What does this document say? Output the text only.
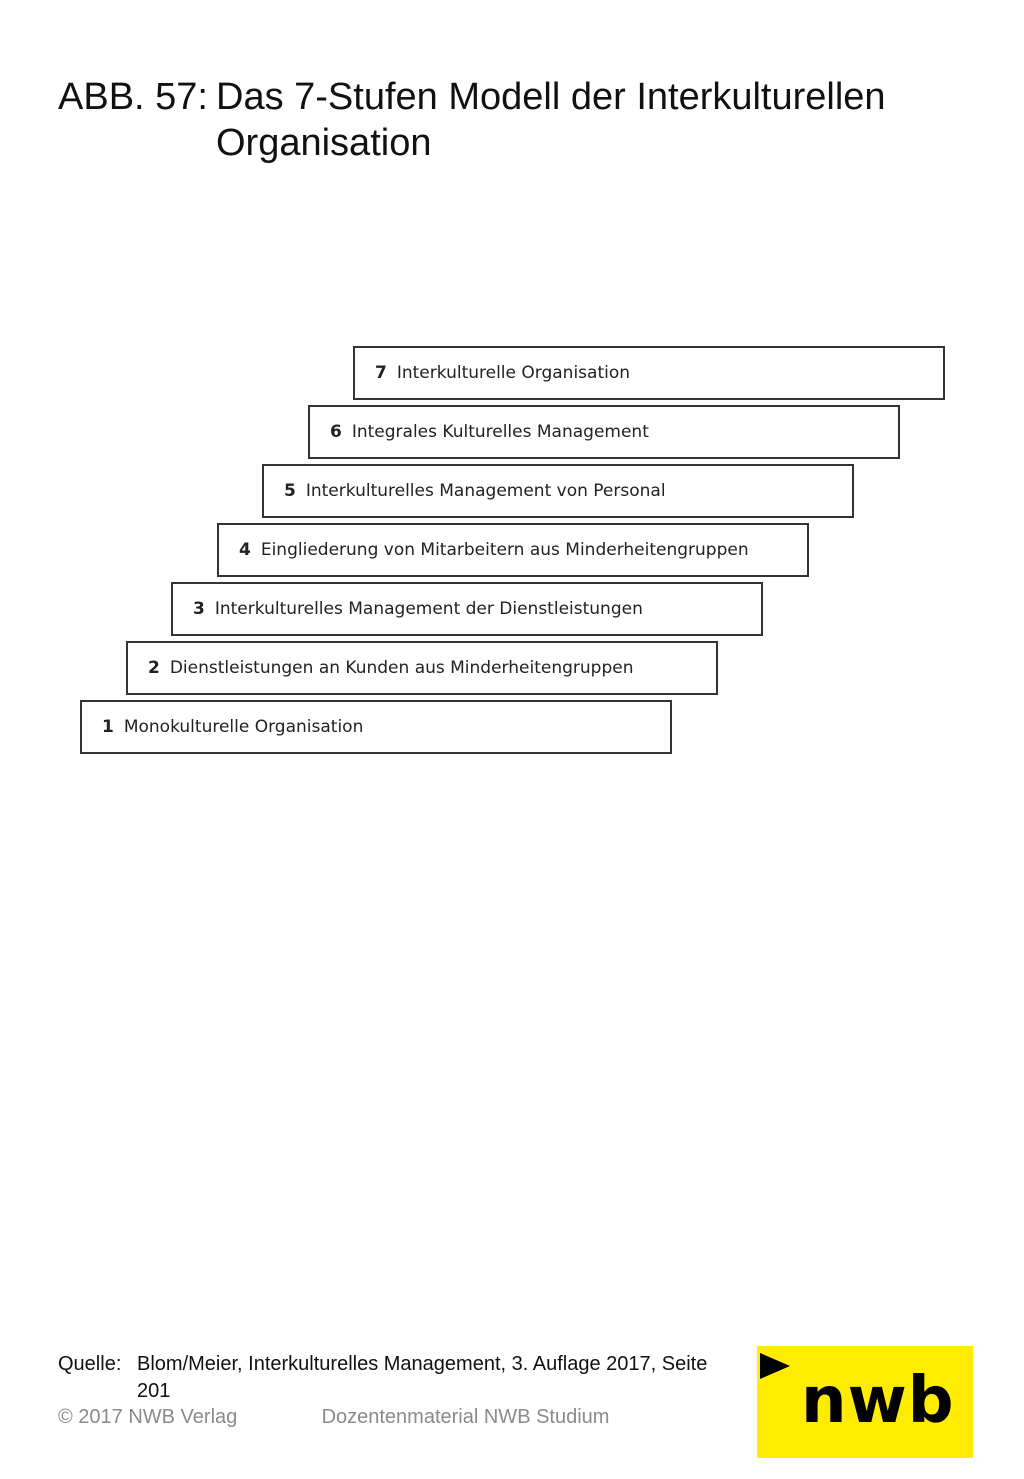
ABB. 57: Das 7-Stufen Modell der Interkulturellen Organisation
1 Monokulturelle Organisation
2 Dienstleistungen an Kunden aus Minderheitengruppen
3 Interkulturelles Management der Dienstleistungen
4 Eingliederung von Mitarbeitern aus Minderheitengruppen
5 Interkulturelles Management von Personal
6 Integrales Kulturelles Management
7 Interkulturelle Organisation
Quelle: Blom/Meier, Interkulturelles Management, 3. Auflage 2017, Seite 201
© 2017 NWB Verlag	Dozentenmaterial NWB Studium	nwb
